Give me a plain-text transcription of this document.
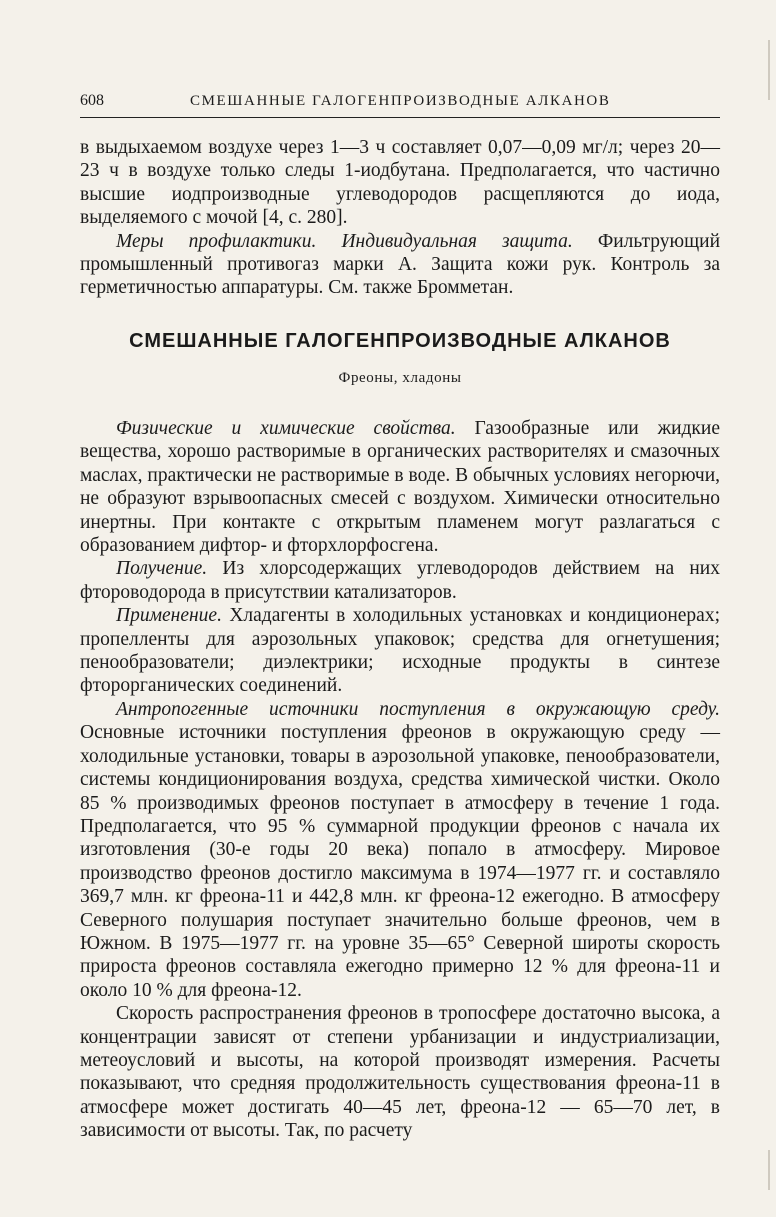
608	СМЕШАННЫЕ ГАЛОГЕНПРОИЗВОДНЫЕ АЛКАНОВ

в выдыхаемом воздухе через 1—3 ч составляет 0,07—0,09 мг/л; через 20—23 ч в воздухе только следы 1-иодбутана. Предполагается, что частично высшие иодпроизводные углеводородов расщепляются до иода, выделяемого с мочой [4, с. 280].

Меры профилактики. Индивидуальная защита. Фильтрующий промышленный противогаз марки А. Защита кожи рук. Контроль за герметичностью аппаратуры. См. также Бромметан.

СМЕШАННЫЕ ГАЛОГЕНПРОИЗВОДНЫЕ АЛКАНОВ
Фреоны, хладоны

Физические и химические свойства. Газообразные или жидкие вещества, хорошо растворимые в органических растворителях и смазочных маслах, практически не растворимые в воде. В обычных условиях негорючи, не образуют взрывоопасных смесей с воздухом. Химически относительно инертны. При контакте с открытым пламенем могут разлагаться с образованием дифтор- и фторхлорфосгена.

Получение. Из хлорсодержащих углеводородов действием на них фтороводорода в присутствии катализаторов.

Применение. Хладагенты в холодильных установках и кондиционерах; пропелленты для аэрозольных упаковок; средства для огнетушения; пенообразователи; диэлектрики; исходные продукты в синтезе фторорганических соединений.

Антропогенные источники поступления в окружающую среду. Основные источники поступления фреонов в окружающую среду — холодильные установки, товары в аэрозольной упаковке, пенообразователи, системы кондиционирования воздуха, средства химической чистки. Около 85 % производимых фреонов поступает в атмосферу в течение 1 года. Предполагается, что 95 % суммарной продукции фреонов с начала их изготовления (30-е годы 20 века) попало в атмосферу. Мировое производство фреонов достигло максимума в 1974—1977 гг. и составляло 369,7 млн. кг фреона-11 и 442,8 млн. кг фреона-12 ежегодно. В атмосферу Северного полушария поступает значительно больше фреонов, чем в Южном. В 1975—1977 гг. на уровне 35—65° Северной широты скорость прироста фреонов составляла ежегодно примерно 12 % для фреона-11 и около 10 % для фреона-12.

Скорость распространения фреонов в тропосфере достаточно высока, а концентрации зависят от степени урбанизации и индустриализации, метеоусловий и высоты, на которой производят измерения. Расчеты показывают, что средняя продолжительность существования фреона-11 в атмосфере может достигать 40—45 лет, фреона-12 — 65—70 лет, в зависимости от высоты. Так, по расчету
